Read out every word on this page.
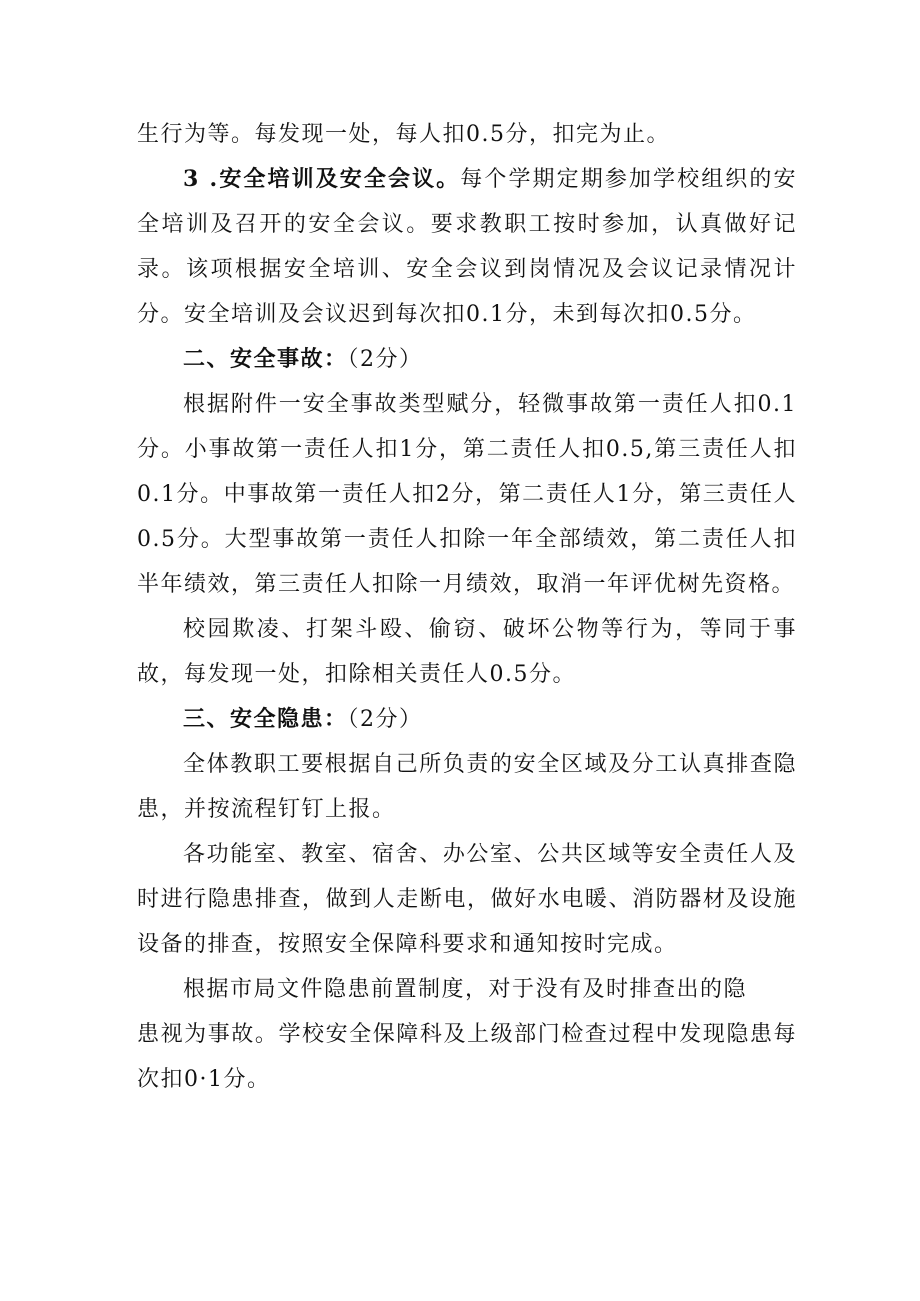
生行为等。每发现一处，每人扣0.5分，扣完为止。

3 .安全培训及安全会议。每个学期定期参加学校组织的安全培训及召开的安全会议。要求教职工按时参加，认真做好记录。该项根据安全培训、安全会议到岗情况及会议记录情况计分。安全培训及会议迟到每次扣0.1分，未到每次扣0.5分。

二、安全事故：（2分）

根据附件一安全事故类型赋分，轻微事故第一责任人扣0.1分。小事故第一责任人扣1分，第二责任人扣0.5,第三责任人扣0.1分。中事故第一责任人扣2分，第二责任人1分，第三责任人0.5分。大型事故第一责任人扣除一年全部绩效，第二责任人扣半年绩效，第三责任人扣除一月绩效，取消一年评优树先资格。

校园欺凌、打架斗殴、偷窃、破坏公物等行为，等同于事故，每发现一处，扣除相关责任人0.5分。

三、安全隐患：（2分）

全体教职工要根据自己所负责的安全区域及分工认真排查隐患，并按流程钉钉上报。

各功能室、教室、宿舍、办公室、公共区域等安全责任人及时进行隐患排查，做到人走断电，做好水电暖、消防器材及设施设备的排查，按照安全保障科要求和通知按时完成。

根据市局文件隐患前置制度，对于没有及时排查出的隐

患视为事故。学校安全保障科及上级部门检查过程中发现隐患每次扣0·1分。
